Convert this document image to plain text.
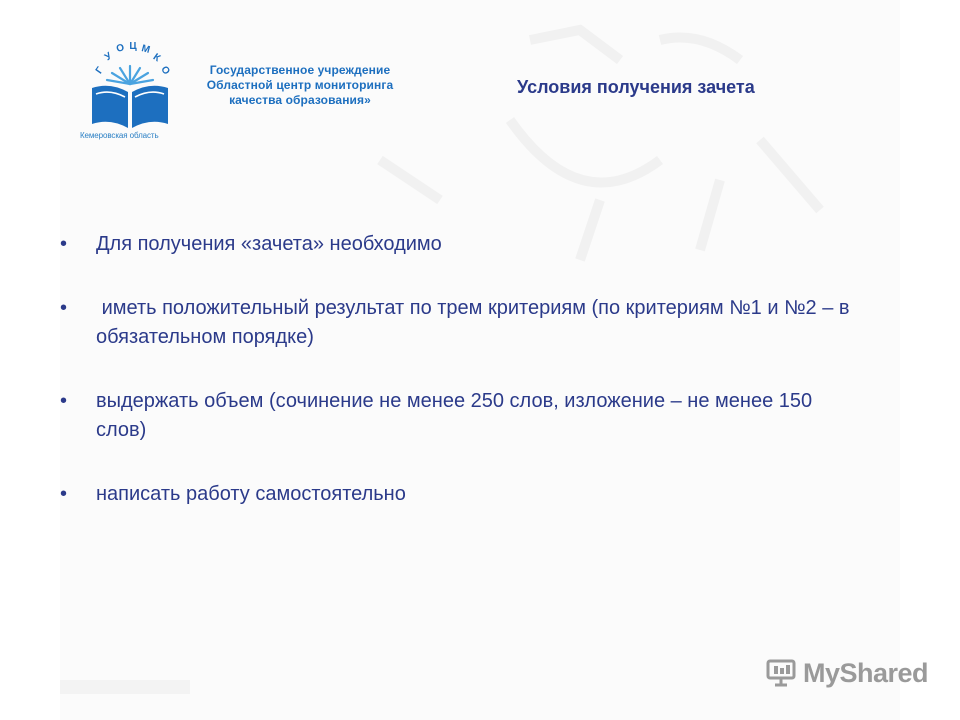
Г
У
О Ц М
К
О
Кемеровская область
Государственное учреждение
Областной центр мониторинга
качества образования»
Условия получения зачета
•	Для получения «зачета» необходимо
•	иметь положительный результат по трем критериям (по критериям №1 и №2 – в обязательном порядке)
•	выдержать объем (сочинение не менее 250 слов, изложение – не менее 150 слов)
•	написать работу самостоятельно
MyShared
